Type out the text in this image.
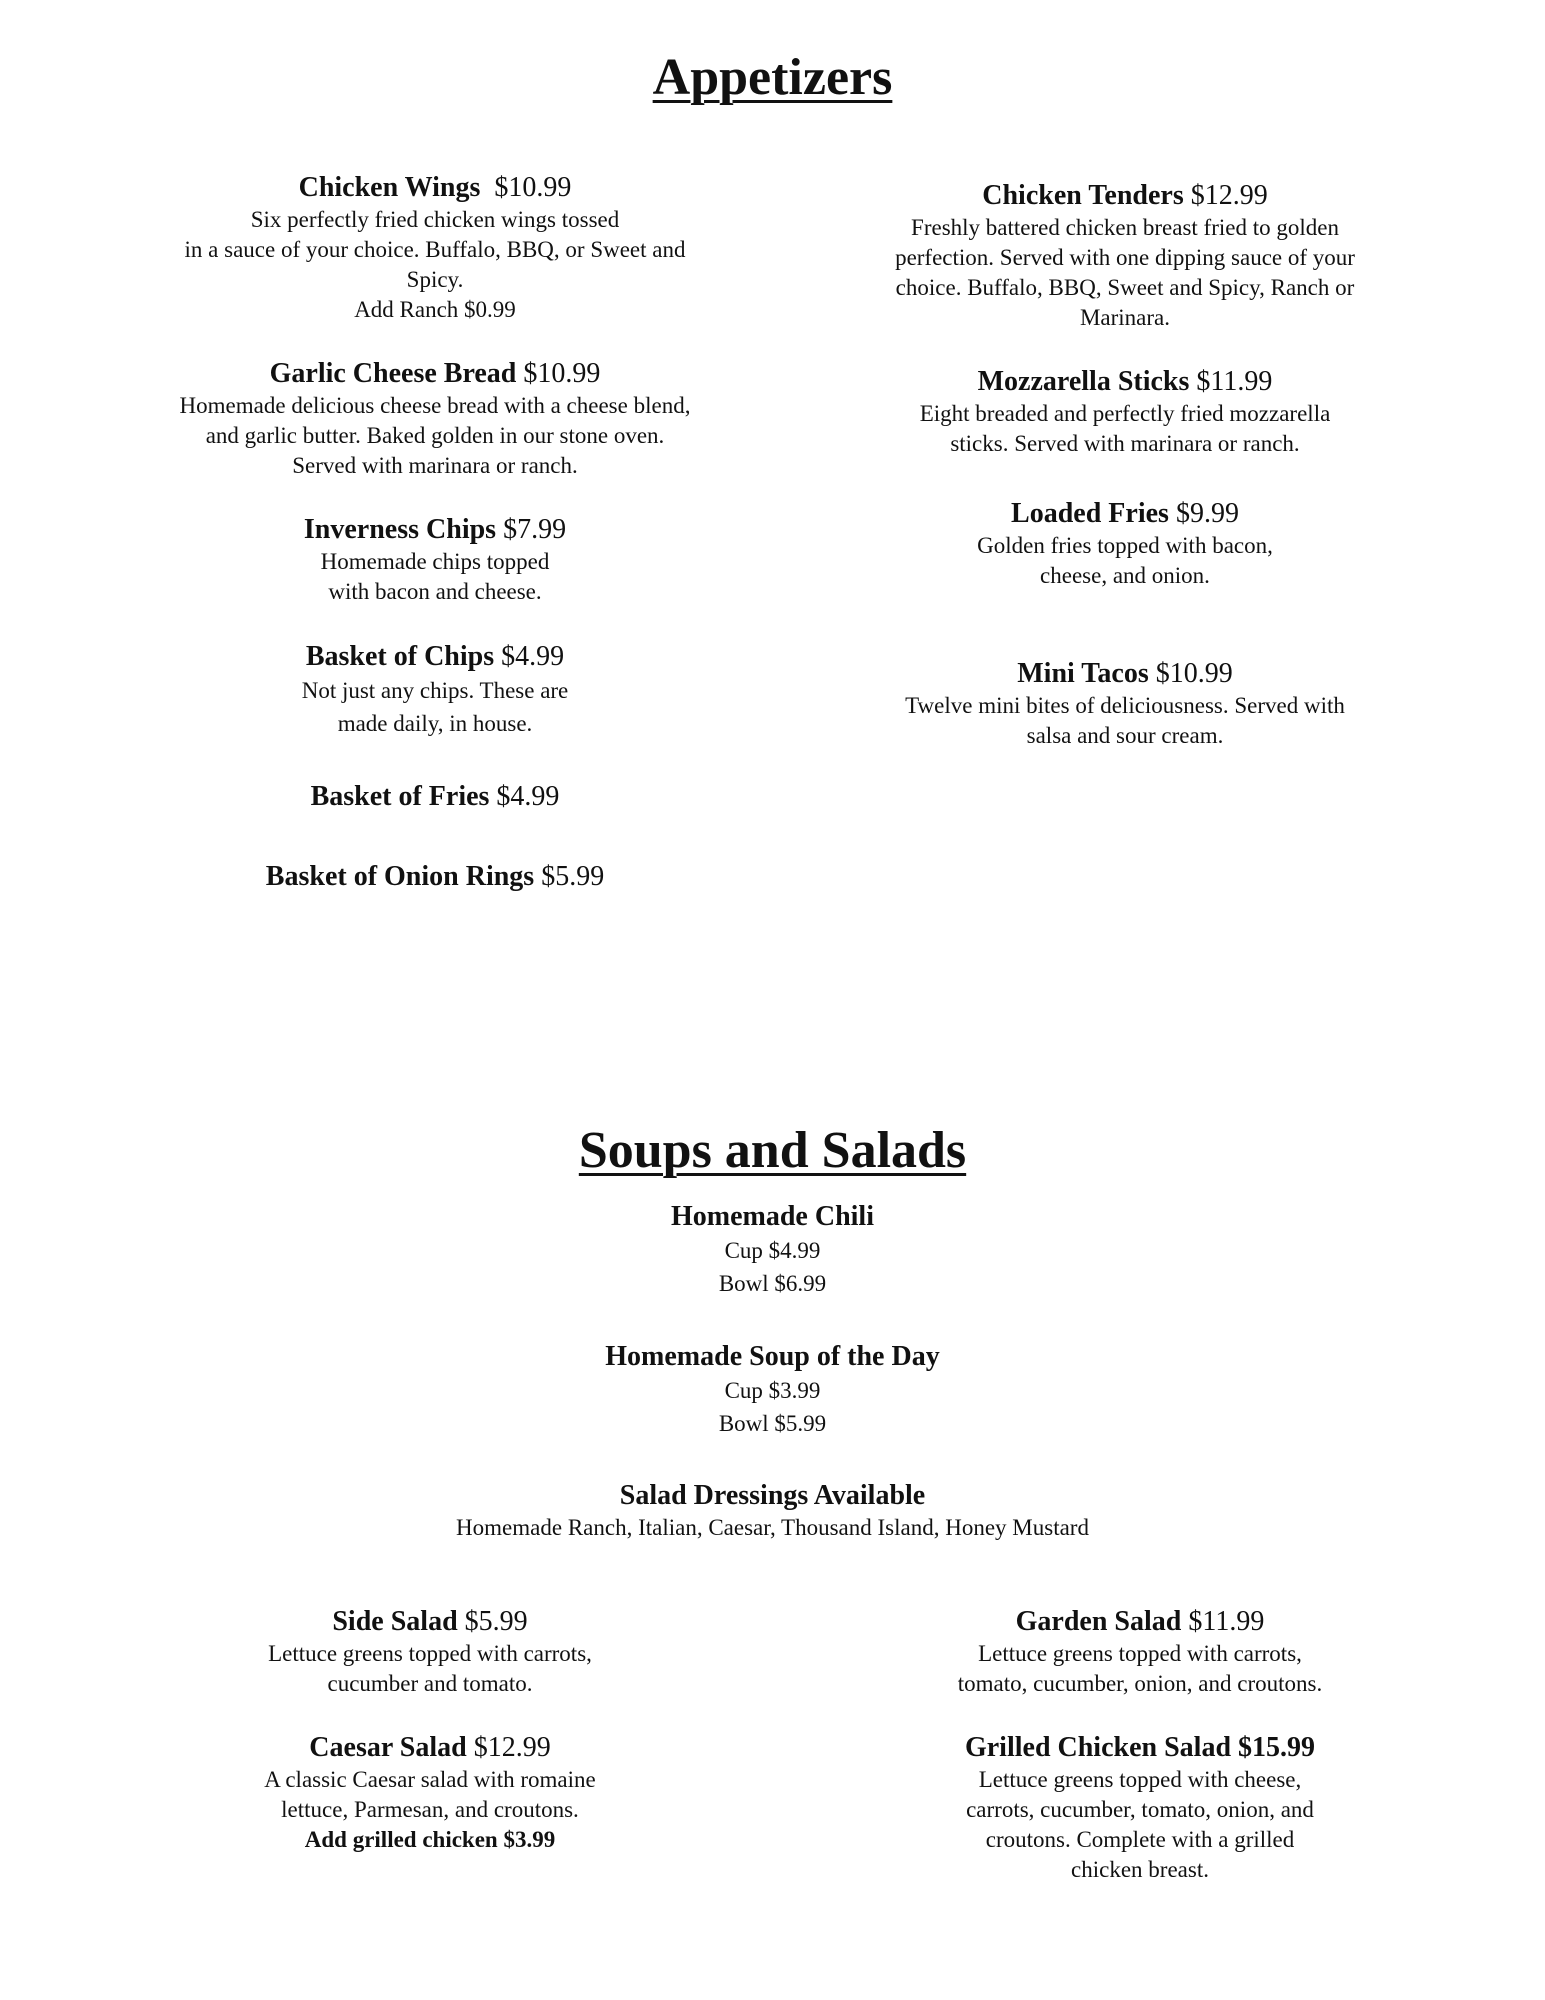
Appetizers

Chicken Wings $10.99

Six perfectly fried chicken wings tossed
in a sauce of your choice. Buffalo, BBQ, or Sweet and
Spicy.
Add Ranch $0.99

Garlic Cheese Bread $10.99

Homemade delicious cheese bread with a cheese blend,
and garlic butter. Baked golden in our stone oven.
Served with marinara or ranch.

Inverness Chips $7.99

Homemade chips topped
with bacon and cheese.

Basket of Chips $4.99

Not just any chips. These are
made daily, in house.

Basket of Fries $4.99

Basket of Onion Rings $5.99

Chicken Tenders $12.99

Freshly battered chicken breast fried to golden
perfection. Served with one dipping sauce of your
choice. Buffalo, BBQ, Sweet and Spicy, Ranch or
Marinara.

Mozzarella Sticks $11.99

Eight breaded and perfectly fried mozzarella
sticks. Served with marinara or ranch.

Loaded Fries $9.99

Golden fries topped with bacon,
cheese, and onion.

Mini Tacos $10.99

Twelve mini bites of deliciousness. Served with
salsa and sour cream.

Soups and Salads

Homemade Chili

Cup $4.99
Bowl $6.99

Homemade Soup of the Day

Cup $3.99
Bowl $5.99

Salad Dressings Available

Homemade Ranch, Italian, Caesar, Thousand Island, Honey Mustard

Side Salad $5.99

Lettuce greens topped with carrots,
cucumber and tomato.

Caesar Salad $12.99

A classic Caesar salad with romaine
lettuce, Parmesan, and croutons.

Add grilled chicken $3.99

Garden Salad $11.99

Lettuce greens topped with carrots,
tomato, cucumber, onion, and croutons.

Grilled Chicken Salad $15.99

Lettuce greens topped with cheese,
carrots, cucumber, tomato, onion, and
croutons. Complete with a grilled
chicken breast.
